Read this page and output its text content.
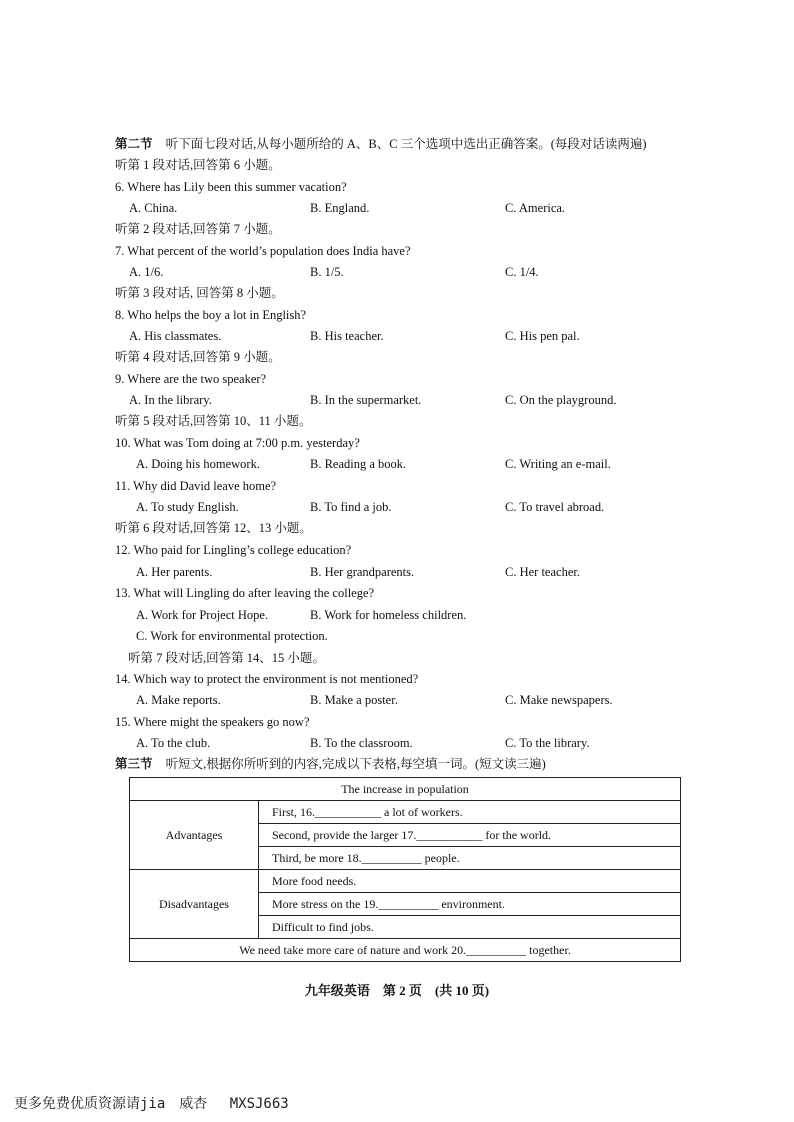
第二节 听下面七段对话,从每小题所给的 A、B、C 三个选项中选出正确答案。(每段对话读两遍)
听第 1 段对话,回答第 6 小题。
6. Where has Lily been this summer vacation?
A. China.	B. England.	C. America.
听第 2 段对话,回答第 7 小题。
7. What percent of the world’s population does India have?
A. 1/6.	B. 1/5.	C. 1/4.
听第 3 段对话, 回答第 8 小题。
8. Who helps the boy a lot in English?
A. His classmates.	B. His teacher.	C. His pen pal.
听第 4 段对话,回答第 9 小题。
9. Where are the two speaker?
A. In the library.	B. In the supermarket.	C. On the playground.
听第 5 段对话,回答第 10、11 小题。
10. What was Tom doing at 7:00 p.m. yesterday?
A. Doing his homework.	B. Reading a book.	C. Writing an e-mail.
11. Why did David leave home?
A. To study English.	B. To find a job.	C. To travel abroad.
听第 6 段对话,回答第 12、13 小题。
12. Who paid for Lingling’s college education?
A. Her parents.	B. Her grandparents.	C. Her teacher.
13. What will Lingling do after leaving the college?
A. Work for Project Hope.	B. Work for homeless children.
C. Work for environmental protection.
听第 7 段对话,回答第 14、15 小题。
14. Which way to protect the environment is not mentioned?
A. Make reports.	B. Make a poster.	C. Make newspapers.
15. Where might the speakers go now?
A. To the club.	B. To the classroom.	C. To the library.
第三节 听短文,根据你所听到的内容,完成以下表格,每空填一词。(短文读三遍)
The increase in population	
Advantages	First, 16.___________ a lot of workers.
	Second, provide the larger 17.___________ for the world.
	Third, be more 18.__________ people.
Disadvantages	More food needs.
	More stress on the 19.__________ environment.
	Difficult to find jobs.
We need take more care of nature and work 20.__________ together.	
九年级英语　第 2 页　(共 10 页)
更多免费优质资源请jia　威杏　 MXSJ663
